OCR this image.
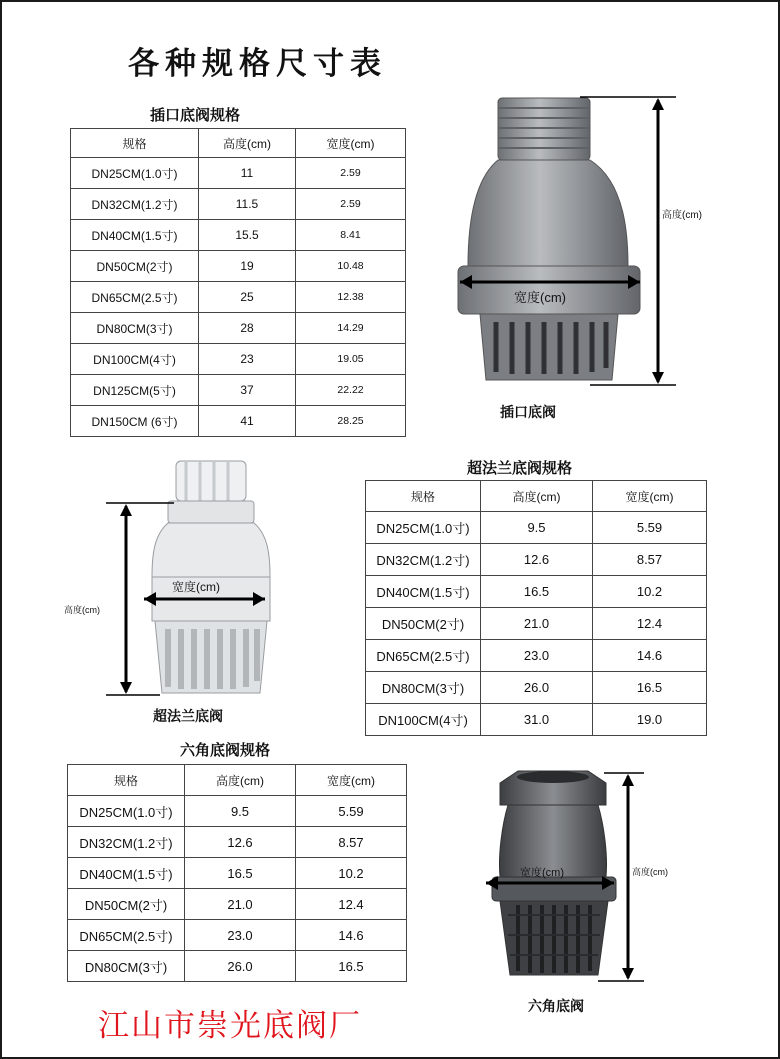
各种规格尺寸表
插口底阀规格
规格	高度(cm)	宽度(cm)
DN25CM(1.0寸)	11	2.59
DN32CM(1.2寸)	11.5	2.59
DN40CM(1.5寸)	15.5	8.41
DN50CM(2寸)	19	10.48
DN65CM(2.5寸)	25	12.38
DN80CM(3寸)	28	14.29
DN100CM(4寸)	23	19.05
DN125CM(5寸)	37	22.22
DN150CM (6寸)	41	28.25
宽度(cm)
高度(cm)

插口底阀

超法兰底阀规格
规格	高度(cm)	宽度(cm)
DN25CM(1.0寸)	9.5	5.59
DN32CM(1.2寸)	12.6	8.57
DN40CM(1.5寸)	16.5	10.2
DN50CM(2寸)	21.0	12.4
DN65CM(2.5寸)	23.0	14.6
DN80CM(3寸)	26.0	16.5
DN100CM(4寸)	31.0	19.0
宽度(cm)
高度(cm)

超法兰底阀

六角底阀规格
规格	高度(cm)	宽度(cm)
DN25CM(1.0寸)	9.5	5.59
DN32CM(1.2寸)	12.6	8.57
DN40CM(1.5寸)	16.5	10.2
DN50CM(2寸)	21.0	12.4
DN65CM(2.5寸)	23.0	14.6
DN80CM(3寸)	26.0	16.5
宽度(cm)	高度(cm)

六角底阀

江山市崇光底阀厂
